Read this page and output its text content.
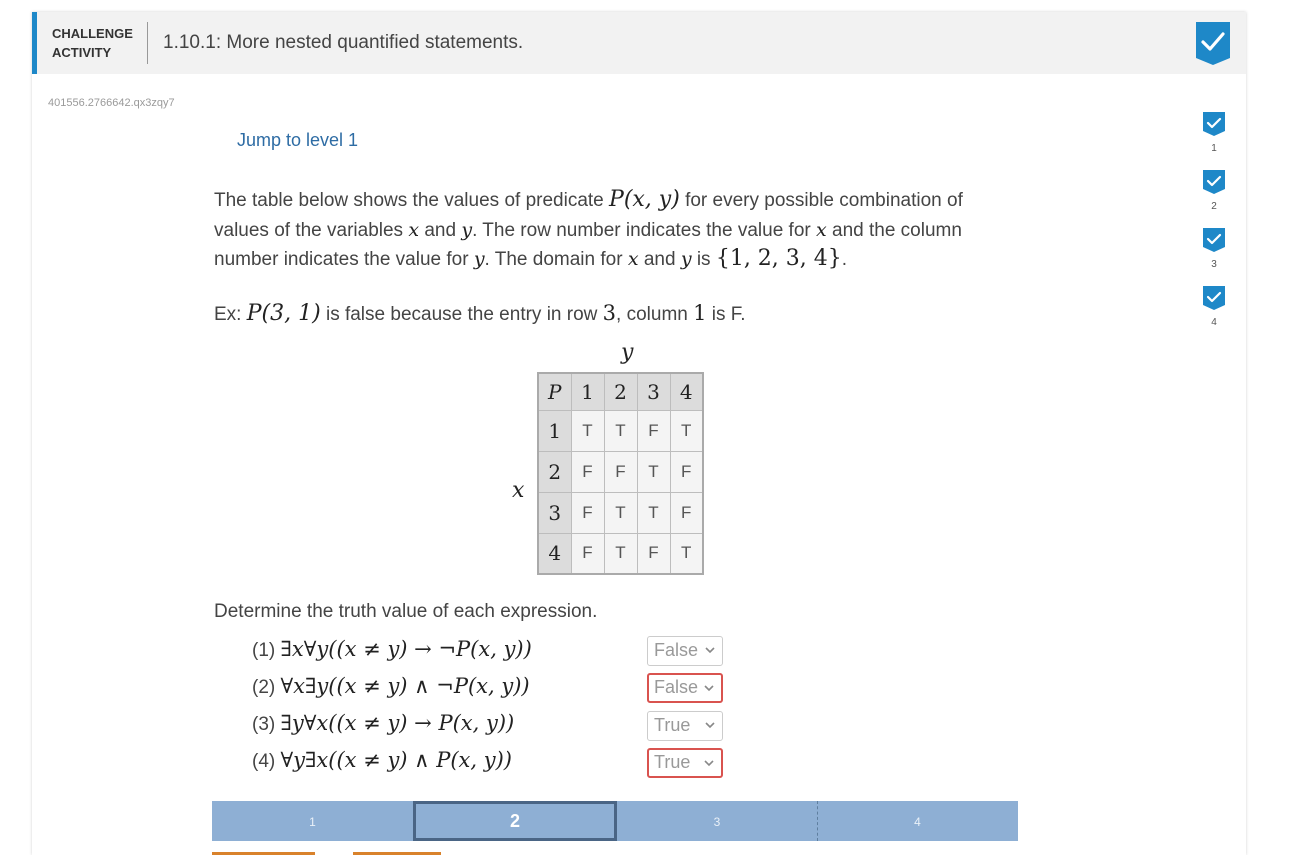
CHALLENGE
ACTIVITY	1.10.1: More nested quantified statements.
401556.2766642.qx3zqy7
Jump to level 1	1
2
3
4
The table below shows the values of predicate P(x, y) for every possible combination of values of the variables x and y. The row number indicates the value for x and the column number indicates the value for y. The domain for x and y is {1, 2, 3, 4}.
Ex: P(3, 1) is false because the entry in row 3, column 1 is F.
y
x
P	1	2	3	4
1	T	T	F	T
2	F	F	T	F
3	F	T	T	F
4	F	T	F	T
Determine the truth value of each expression.
(1) ∃x∀y((x ≠ y) → ¬P(x, y))
(2) ∀x∃y((x ≠ y) ∧ ¬P(x, y))
(3) ∃y∀x((x ≠ y) → P(x, y))
(4) ∀y∃x((x ≠ y) ∧ P(x, y))
False
False
True
True
1	2	3	4
